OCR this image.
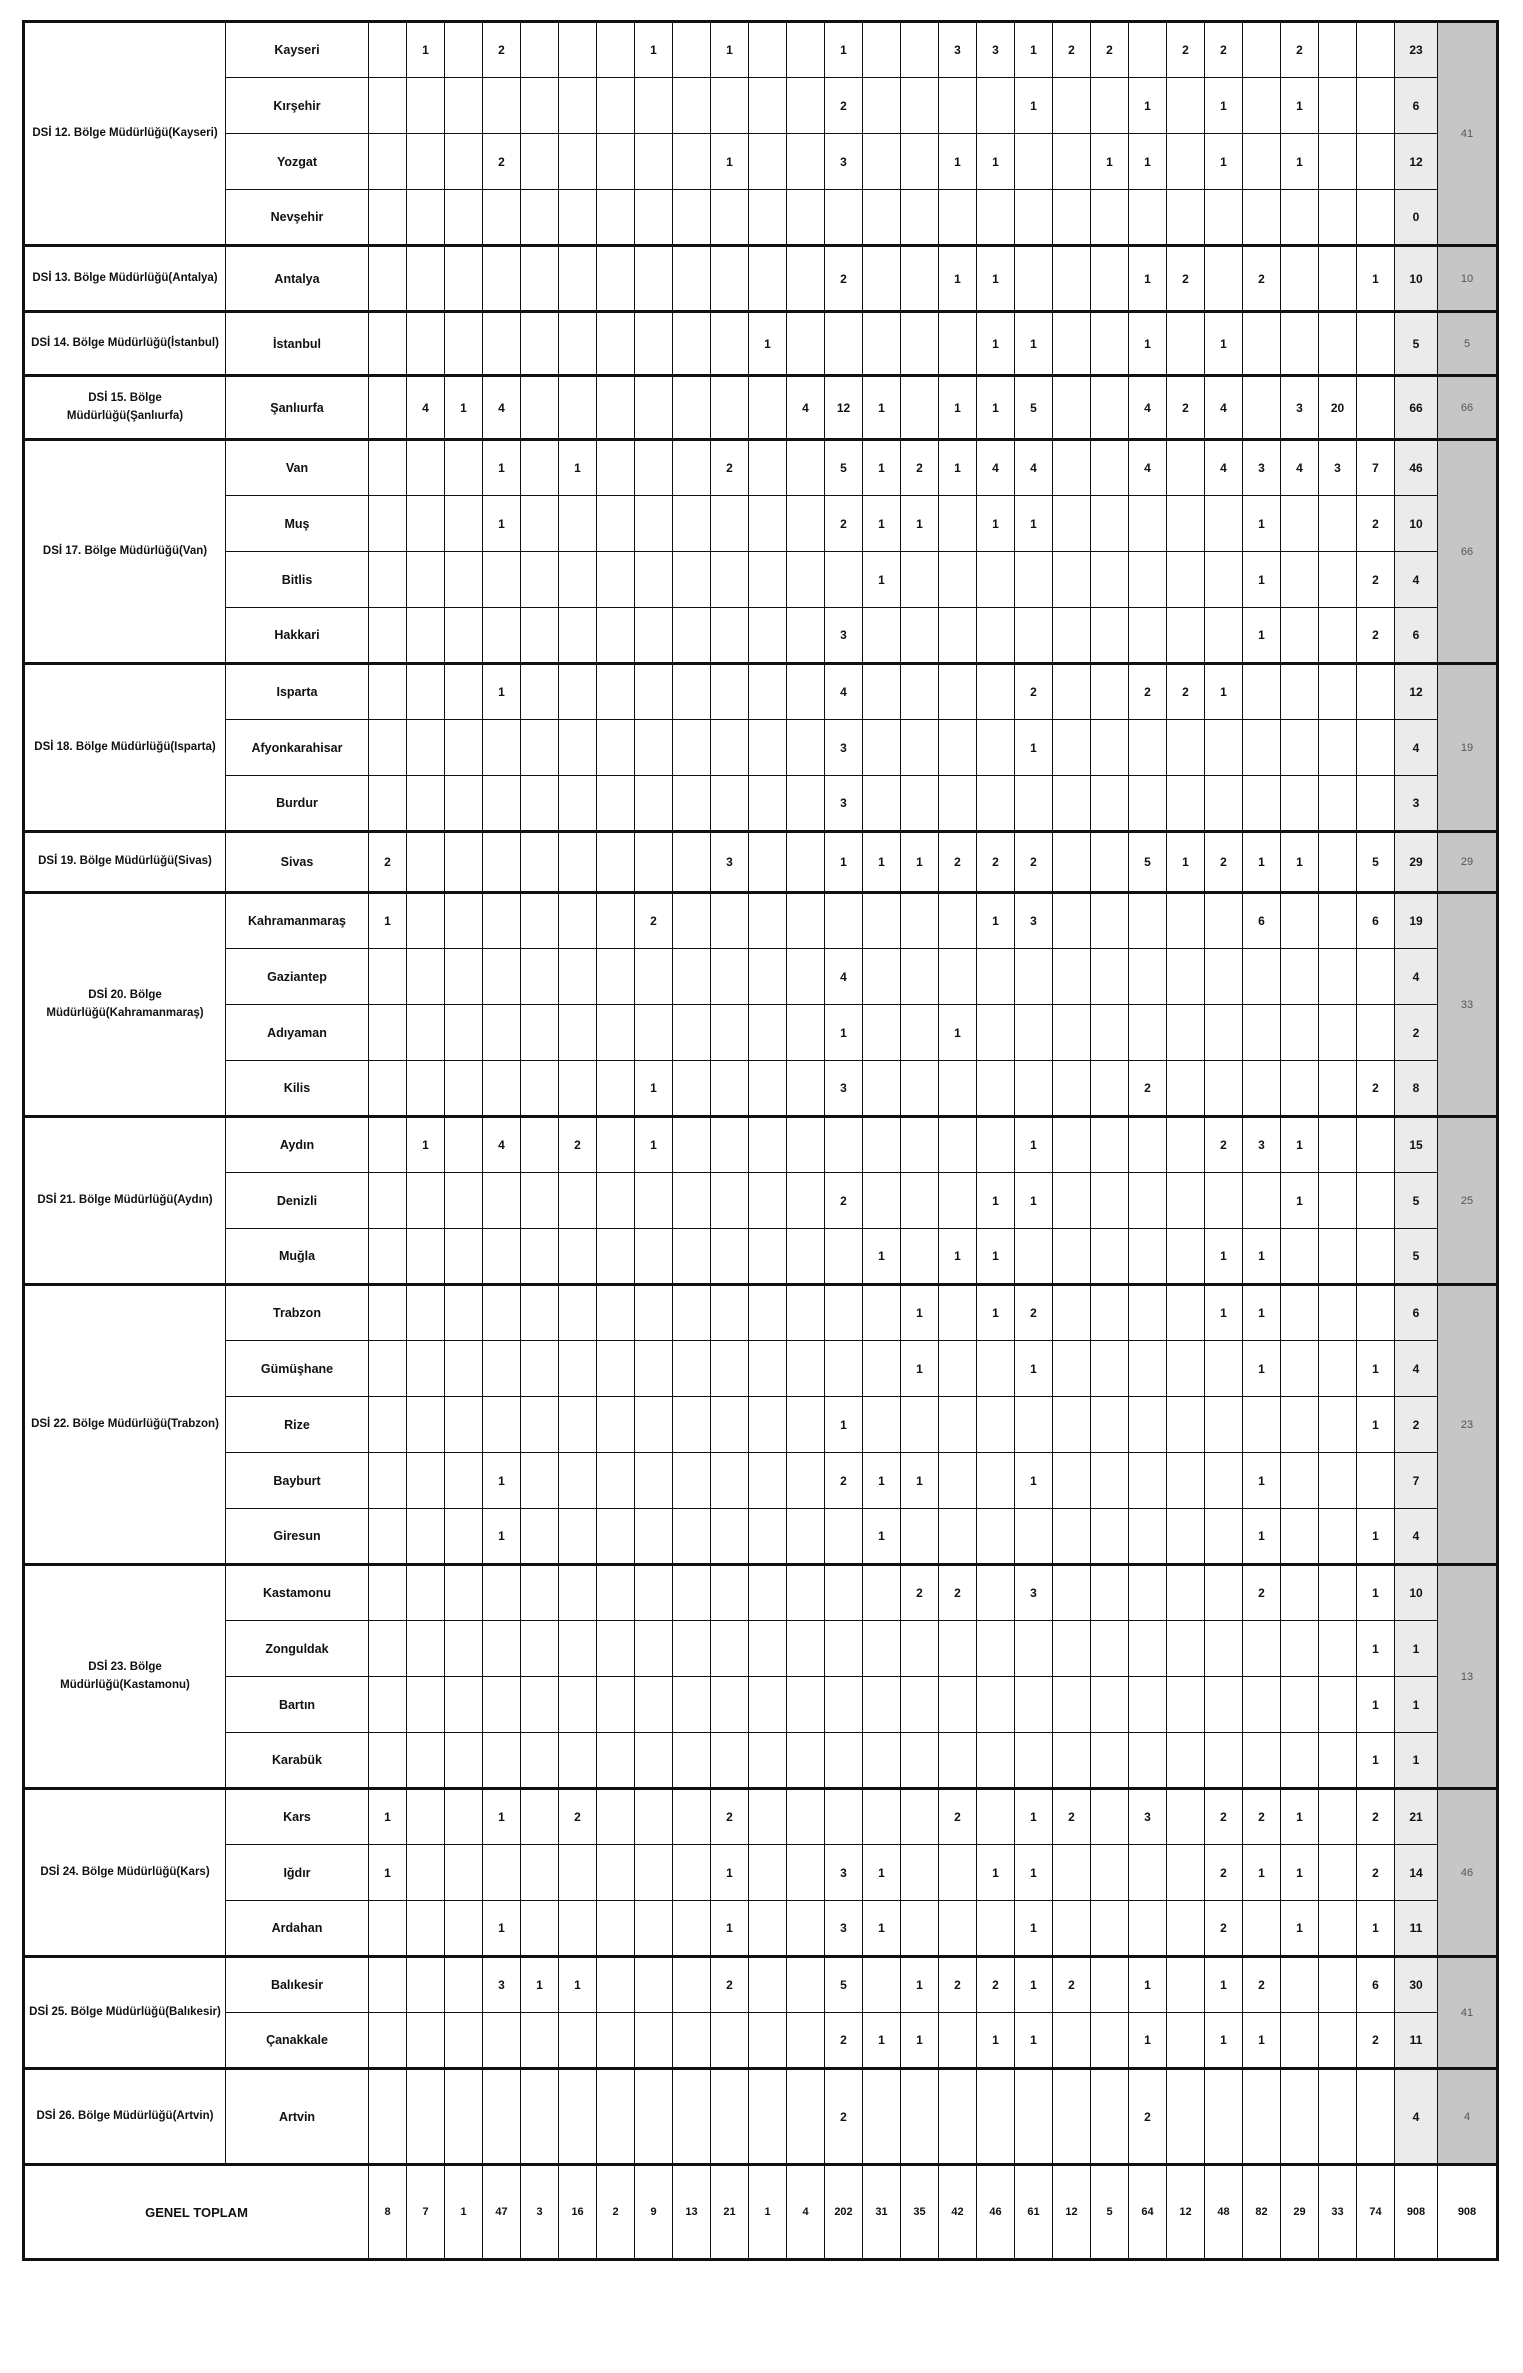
DSİ 12. Bölge Müdürlüğü(Kayseri)	Kayseri		1		2				1		1			1			3	3	1	2	2		2	2		2			23	41
	Kırşehir													2					1			1		1		1			6	
	Yozgat				2						1			3			1	1			1	1		1		1			12	
	Nevşehir																												0	
DSİ 13. Bölge Müdürlüğü(Antalya)	Antalya													2			1	1				1	2		2			1	10	10
DSİ 14. Bölge Müdürlüğü(İstanbul)	İstanbul											1						1	1			1		1					5	5
DSİ 15. Bölge Müdürlüğü(Şanlıurfa)	Şanlıurfa		4	1	4								4	12	1		1	1	5			4	2	4		3	20		66	66
DSİ 17. Bölge Müdürlüğü(Van)	Van				1		1				2			5	1	2	1	4	4			4		4	3	4	3	7	46	66
	Muş				1									2	1	1		1	1						1			2	10	
	Bitlis														1										1			2	4	
	Hakkari													3											1			2	6	
DSİ 18. Bölge Müdürlüğü(Isparta)	Isparta				1									4					2			2	2	1					12	19
	Afyonkarahisar													3					1										4	
	Burdur													3															3	
DSİ 19. Bölge Müdürlüğü(Sivas)	Sivas	2									3			1	1	1	2	2	2			5	1	2	1	1		5	29	29
DSİ 20. Bölge Müdürlüğü(Kahramanmaraş)	Kahramanmaraş	1							2									1	3						6			6	19	33
	Gaziantep													4															4	
	Adıyaman													1			1												2	
	Kilis								1					3								2						2	8	
DSİ 21. Bölge Müdürlüğü(Aydın)	Aydın		1		4		2		1										1					2	3	1			15	25
	Denizli													2				1	1							1			5	
	Muğla														1		1	1						1	1				5	
DSİ 22. Bölge Müdürlüğü(Trabzon)	Trabzon															1		1	2					1	1				6	23
	Gümüşhane															1			1						1			1	4	
	Rize													1														1	2	
	Bayburt				1									2	1	1			1						1				7	
	Giresun				1										1										1			1	4	
DSİ 23. Bölge Müdürlüğü(Kastamonu)	Kastamonu															2	2		3						2			1	10	13
	Zonguldak																											1	1	
	Bartın																											1	1	
	Karabük																											1	1	
DSİ 24. Bölge Müdürlüğü(Kars)	Kars	1			1		2				2						2		1	2		3		2	2	1		2	21	46
	Iğdır	1									1			3	1			1	1					2	1	1		2	14	
	Ardahan				1						1			3	1				1					2		1		1	11	
DSİ 25. Bölge Müdürlüğü(Balıkesir)	Balıkesir				3	1	1				2			5		1	2	2	1	2		1		1	2			6	30	41
	Çanakkale													2	1	1		1	1			1		1	1			2	11	
DSİ 26. Bölge Müdürlüğü(Artvin)	Artvin													2								2							4	4
GENEL TOPLAM		8	7	1	47	3	16	2	9	13	21	1	4	202	31	35	42	46	61	12	5	64	12	48	82	29	33	74	908	908
